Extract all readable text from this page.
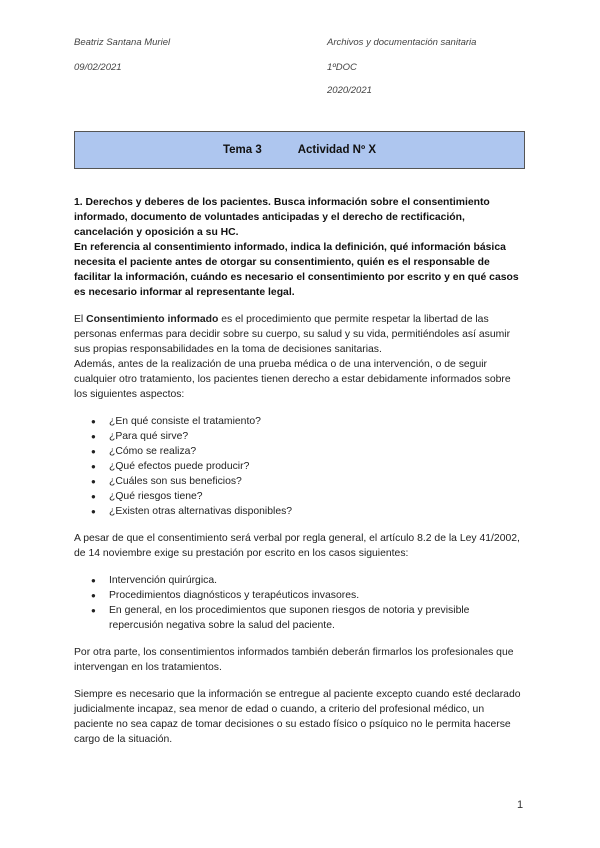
Beatriz Santana Muriel
09/02/2021
Archivos y documentación sanitaria
1ºDOC
2020/2021
Tema 3	Actividad Nº X

1. Derechos y deberes de los pacientes. Busca información sobre el consentimiento informado, documento de voluntades anticipadas y el derecho de rectificación, cancelación y oposición a su HC.

En referencia al consentimiento informado, indica la definición, qué información básica necesita el paciente antes de otorgar su consentimiento, quién es el responsable de facilitar la información, cuándo es necesario el consentimiento por escrito y en qué casos es necesario informar al representante legal.

El Consentimiento informado es el procedimiento que permite respetar la libertad de las personas enfermas para decidir sobre su cuerpo, su salud y su vida, permitiéndoles así asumir sus propias responsabilidades en la toma de decisiones sanitarias.

Además, antes de la realización de una prueba médica o de una intervención, o de seguir cualquier otro tratamiento, los pacientes tienen derecho a estar debidamente informados sobre los siguientes aspectos:

● ¿En qué consiste el tratamiento?
● ¿Para qué sirve?
● ¿Cómo se realiza?
● ¿Qué efectos puede producir?
● ¿Cuáles son sus beneficios?
● ¿Qué riesgos tiene?
● ¿Existen otras alternativas disponibles?

A pesar de que el consentimiento será verbal por regla general, el artículo 8.2 de la Ley 41/2002, de 14 noviembre exige su prestación por escrito en los casos siguientes:

● Intervención quirúrgica.
● Procedimientos diagnósticos y terapéuticos invasores.
● En general, en los procedimientos que suponen riesgos de notoria y previsible repercusión negativa sobre la salud del paciente.

Por otra parte, los consentimientos informados también deberán firmarlos los profesionales que intervengan en los tratamientos.

Siempre es necesario que la información se entregue al paciente excepto cuando esté declarado judicialmente incapaz, sea menor de edad o cuando, a criterio del profesional médico, un paciente no sea capaz de tomar decisiones o su estado físico o psíquico no le permita hacerse cargo de la situación.

1
